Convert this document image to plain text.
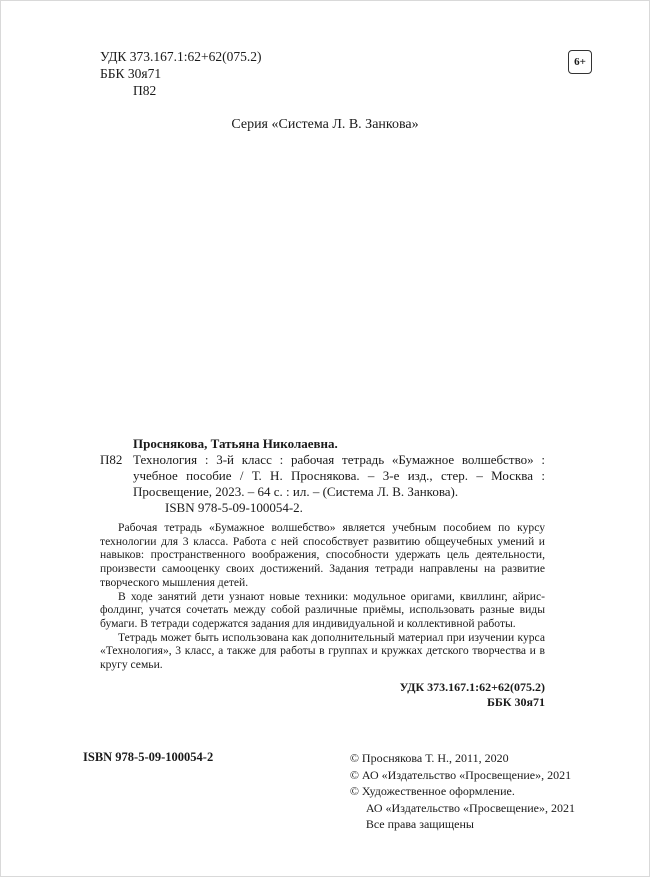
УДК 373.167.1:62+62(075.2)
ББК 30я71
П82
6+
Серия «Система Л. В. Занкова»
Проснякова, Татьяна Николаевна.
П82 Технология : 3-й класс : рабочая тетрадь «Бумажное волшебство» : учебное пособие / Т. Н. Проснякова. – 3-е изд., стер. – Москва : Просвещение, 2023. – 64 с. : ил. – (Система Л. В. Занкова).
ISBN 978-5-09-100054-2.

Рабочая тетрадь «Бумажное волшебство» является учебным пособием по курсу технологии для 3 класса. Работа с ней способствует развитию общеучебных умений и навыков: пространственного воображения, способности удержать цель деятельности, произвести самооценку своих достижений. Задания тетради направлены на развитие творческого мышления детей.

В ходе занятий дети узнают новые техники: модульное оригами, квиллинг, айрис-фолдинг, учатся сочетать между собой различные приёмы, использовать разные виды бумаги. В тетради содержатся задания для индивидуальной и коллективной работы.

Тетрадь может быть использована как дополнительный материал при изучении курса «Технология», 3 класс, а также для работы в группах и кружках детского творчества и в кругу семьи.

УДК 373.167.1:62+62(075.2)
ББК 30я71
ISBN 978-5-09-100054-2	© Проснякова Т. Н., 2011, 2020
© АО «Издательство «Просвещение», 2021
© Художественное оформление.
АО «Издательство «Просвещение», 2021
Все права защищены
